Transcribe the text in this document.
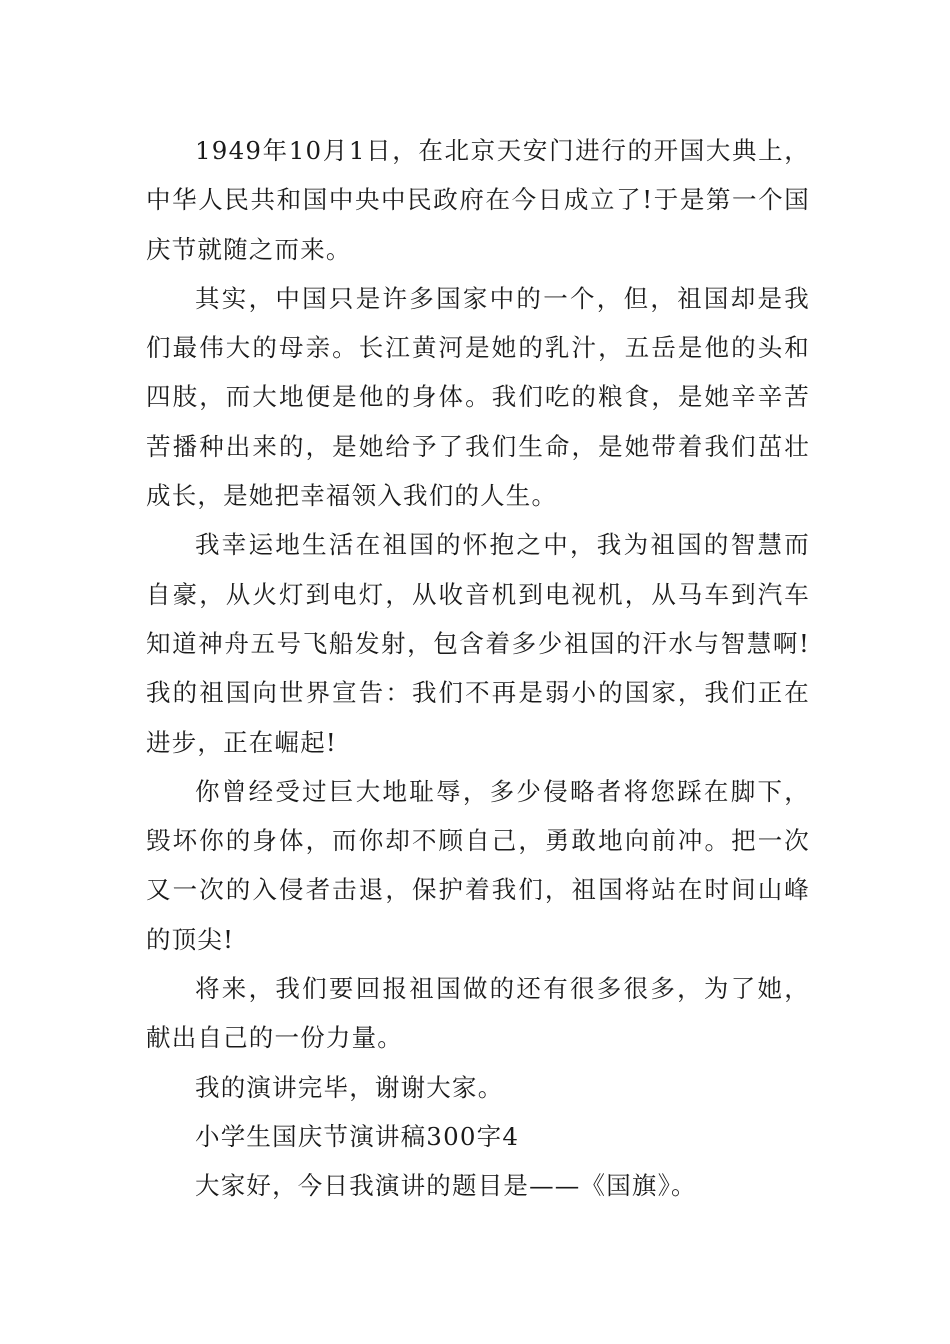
1949年10月1日，在北京天安门进行的开国大典上，中华人民共和国中央中民政府在今日成立了!于是第一个国庆节就随之而来。

其实，中国只是许多国家中的一个，但，祖国却是我们最伟大的母亲。长江黄河是她的乳汁，五岳是他的头和四肢，而大地便是他的身体。我们吃的粮食，是她辛辛苦苦播种出来的，是她给予了我们生命，是她带着我们茁壮成长，是她把幸福领入我们的人生。

我幸运地生活在祖国的怀抱之中，我为祖国的智慧而自豪，从火灯到电灯，从收音机到电视机，从马车到汽车知道神舟五号飞船发射，包含着多少祖国的汗水与智慧啊!我的祖国向世界宣告：我们不再是弱小的国家，我们正在进步，正在崛起!

你曾经受过巨大地耻辱，多少侵略者将您踩在脚下，毁坏你的身体，而你却不顾自己，勇敢地向前冲。把一次又一次的入侵者击退，保护着我们，祖国将站在时间山峰的顶尖!

将来，我们要回报祖国做的还有很多很多，为了她，献出自己的一份力量。

我的演讲完毕，谢谢大家。

小学生国庆节演讲稿300字4

大家好，今日我演讲的题目是——《国旗》。
